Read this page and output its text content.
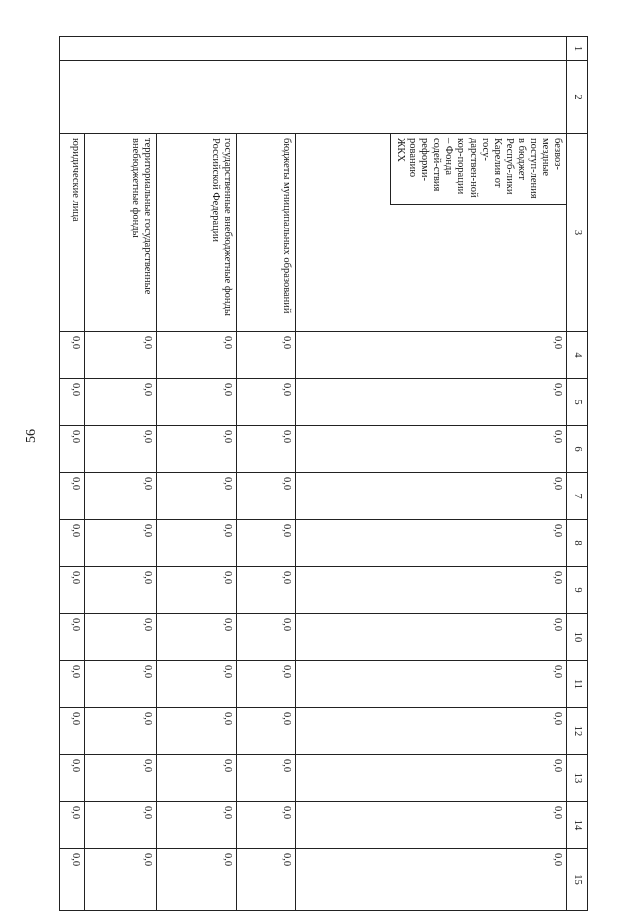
56
1	2	3	4	5	6	7	8	9	10	11	12	13	14	15

		безвоз-мездные поступ-ления в бюджет Респуб-лики Карелия от госу-дарствен-ной кор-порации – Фонда содей-ствия реформи-рованию ЖКХ	0,0	0,0	0,0	0,0	0,0	0,0	0,0	0,0	0,0	0,0	0,0	0,0
		бюджеты муниципальных образований	0,0	0,0	0,0	0,0	0,0	0,0	0,0	0,0	0,0	0,0	0,0	0,0
		государственные внебюджетные фонды Российской Федерации	0,0	0,0	0,0	0,0	0,0	0,0	0,0	0,0	0,0	0,0	0,0	0,0
		территориальные государственные внебюджетные фонды	0,0	0,0	0,0	0,0	0,0	0,0	0,0	0,0	0,0	0,0	0,0	0,0
		юридические лица	0,0	0,0	0,0	0,0	0,0	0,0	0,0	0,0	0,0	0,0	0,0	0,0
